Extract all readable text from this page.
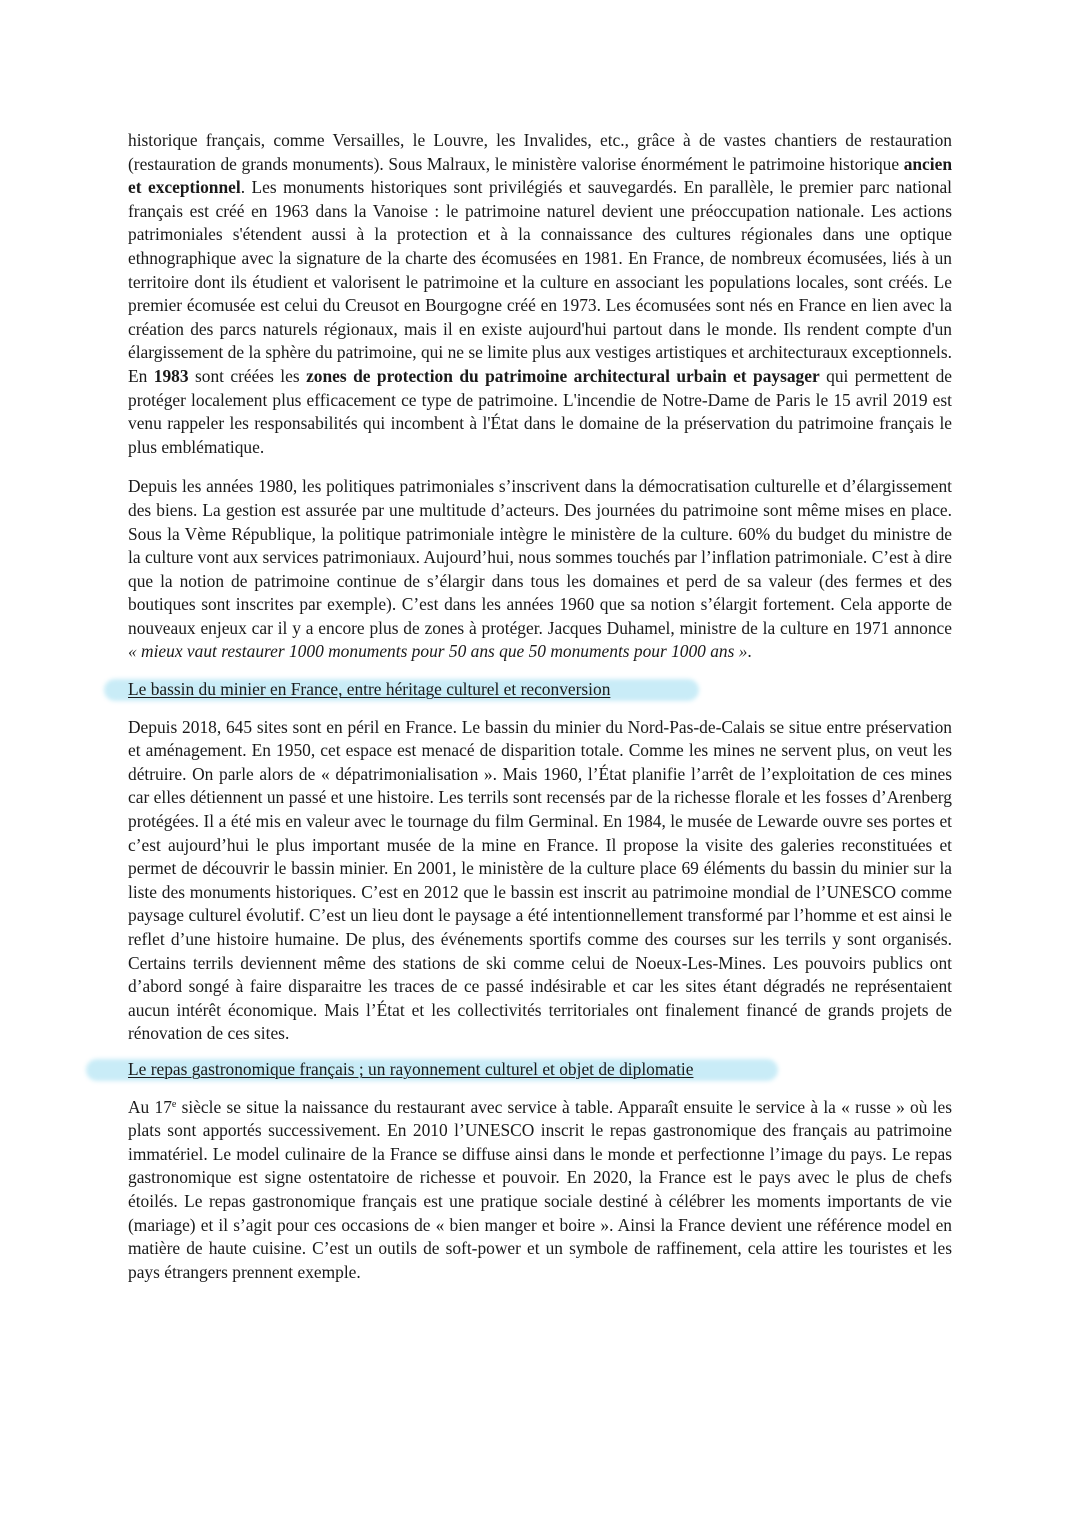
historique français, comme Versailles, le Louvre, les Invalides, etc., grâce à de vastes chantiers de restauration (restauration de grands monuments). Sous Malraux, le ministère valorise énormément le patrimoine historique ancien et exceptionnel. Les monuments historiques sont privilégiés et sauvegardés. En parallèle, le premier parc national français est créé en 1963 dans la Vanoise : le patrimoine naturel devient une préoccupation nationale. Les actions patrimoniales s'étendent aussi à la protection et à la connaissance des cultures régionales dans une optique ethnographique avec la signature de la charte des écomusées en 1981. En France, de nombreux écomusées, liés à un territoire dont ils étudient et valorisent le patrimoine et la culture en associant les populations locales, sont créés. Le premier écomusée est celui du Creusot en Bourgogne créé en 1973. Les écomusées sont nés en France en lien avec la création des parcs naturels régionaux, mais il en existe aujourd'hui partout dans le monde. Ils rendent compte d'un élargissement de la sphère du patrimoine, qui ne se limite plus aux vestiges artistiques et architecturaux exceptionnels. En 1983 sont créées les zones de protection du patrimoine architectural urbain et paysager qui permettent de protéger localement plus efficacement ce type de patrimoine. L'incendie de Notre-Dame de Paris le 15 avril 2019 est venu rappeler les responsabilités qui incombent à l'État dans le domaine de la préservation du patrimoine français le plus emblématique.

Depuis les années 1980, les politiques patrimoniales s’inscrivent dans la démocratisation culturelle et d’élargissement des biens. La gestion est assurée par une multitude d’acteurs. Des journées du patrimoine sont même mises en place. Sous la Vème République, la politique patrimoniale intègre le ministère de la culture. 60% du budget du ministre de la culture vont aux services patrimoniaux. Aujourd’hui, nous sommes touchés par l’inflation patrimoniale. C’est à dire que la notion de patrimoine continue de s’élargir dans tous les domaines et perd de sa valeur (des fermes et des boutiques sont inscrites par exemple). C’est dans les années 1960 que sa notion s’élargit fortement. Cela apporte de nouveaux enjeux car il y a encore plus de zones à protéger. Jacques Duhamel, ministre de la culture en 1971 annonce « mieux vaut restaurer 1000 monuments pour 50 ans que 50 monuments pour 1000 ans ».

Le bassin du minier en France, entre héritage culturel et reconversion

Depuis 2018, 645 sites sont en péril en France. Le bassin du minier du Nord-Pas-de-Calais se situe entre préservation et aménagement. En 1950, cet espace est menacé de disparition totale. Comme les mines ne servent plus, on veut les détruire. On parle alors de « dépatrimonialisation ». Mais 1960, l’État planifie l’arrêt de l’exploitation de ces mines car elles détiennent un passé et une histoire. Les terrils sont recensés par de la richesse florale et les fosses d’Arenberg protégées. Il a été mis en valeur avec le tournage du film Germinal. En 1984, le musée de Lewarde ouvre ses portes et c’est aujourd’hui le plus important musée de la mine en France. Il propose la visite des galeries reconstituées et permet de découvrir le bassin minier. En 2001, le ministère de la culture place 69 éléments du bassin du minier sur la liste des monuments historiques. C’est en 2012 que le bassin est inscrit au patrimoine mondial de l’UNESCO comme paysage culturel évolutif. C’est un lieu dont le paysage a été intentionnellement transformé par l’homme et est ainsi le reflet d’une histoire humaine. De plus, des événements sportifs comme des courses sur les terrils y sont organisés. Certains terrils deviennent même des stations de ski comme celui de Noeux-Les-Mines. Les pouvoirs publics ont d’abord songé à faire disparaitre les traces de ce passé indésirable et car les sites étant dégradés ne représentaient aucun intérêt économique. Mais l’État et les collectivités territoriales ont finalement financé de grands projets de rénovation de ces sites.

Le repas gastronomique français ; un rayonnement culturel et objet de diplomatie

Au 17e siècle se situe la naissance du restaurant avec service à table. Apparaît ensuite le service à la « russe » où les plats sont apportés successivement. En 2010 l’UNESCO inscrit le repas gastronomique des français au patrimoine immatériel. Le model culinaire de la France se diffuse ainsi dans le monde et perfectionne l’image du pays. Le repas gastronomique est signe ostentatoire de richesse et pouvoir. En 2020, la France est le pays avec le plus de chefs étoilés. Le repas gastronomique français est une pratique sociale destiné à célébrer les moments importants de vie (mariage) et il s’agit pour ces occasions de « bien manger et boire ». Ainsi la France devient une référence model en matière de haute cuisine. C’est un outils de soft-power et un symbole de raffinement, cela attire les touristes et les pays étrangers prennent exemple.
